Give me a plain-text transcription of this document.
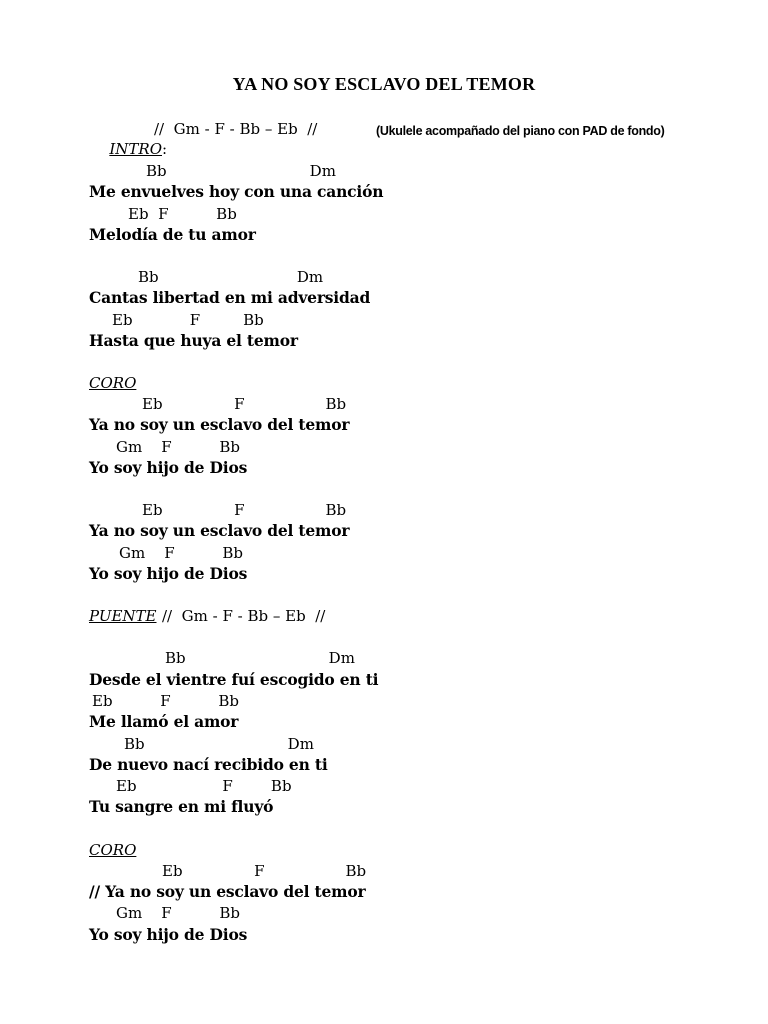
YA NO SOY ESCLAVO DEL TEMOR

INTRO:

//  Gm - F - Bb – Eb  //	(Ukulele acompañado del piano con PAD de fondo)
Bb                              Dm
Me envuelves hoy con una canción
Eb  F          Bb
Melodía de tu amor
Bb                             Dm
Cantas libertad en mi adversidad
Eb            F         Bb
Hasta que huya el temor
CORO
Eb               F                 Bb
Ya no soy un esclavo del temor
Gm    F          Bb
Yo soy hijo de Dios
Eb               F                 Bb
Ya no soy un esclavo del temor
Gm    F          Bb
Yo soy hijo de Dios
PUENTE //  Gm - F - Bb – Eb  //
Bb                              Dm
Desde el vientre fuí escogido en ti
Eb          F          Bb
Me llamó el amor
Bb                              Dm
De nuevo nací recibido en ti
Eb                  F        Bb
Tu sangre en mi fluyó
CORO
Eb               F                 Bb
// Ya no soy un esclavo del temor
Gm    F          Bb
Yo soy hijo de Dios
